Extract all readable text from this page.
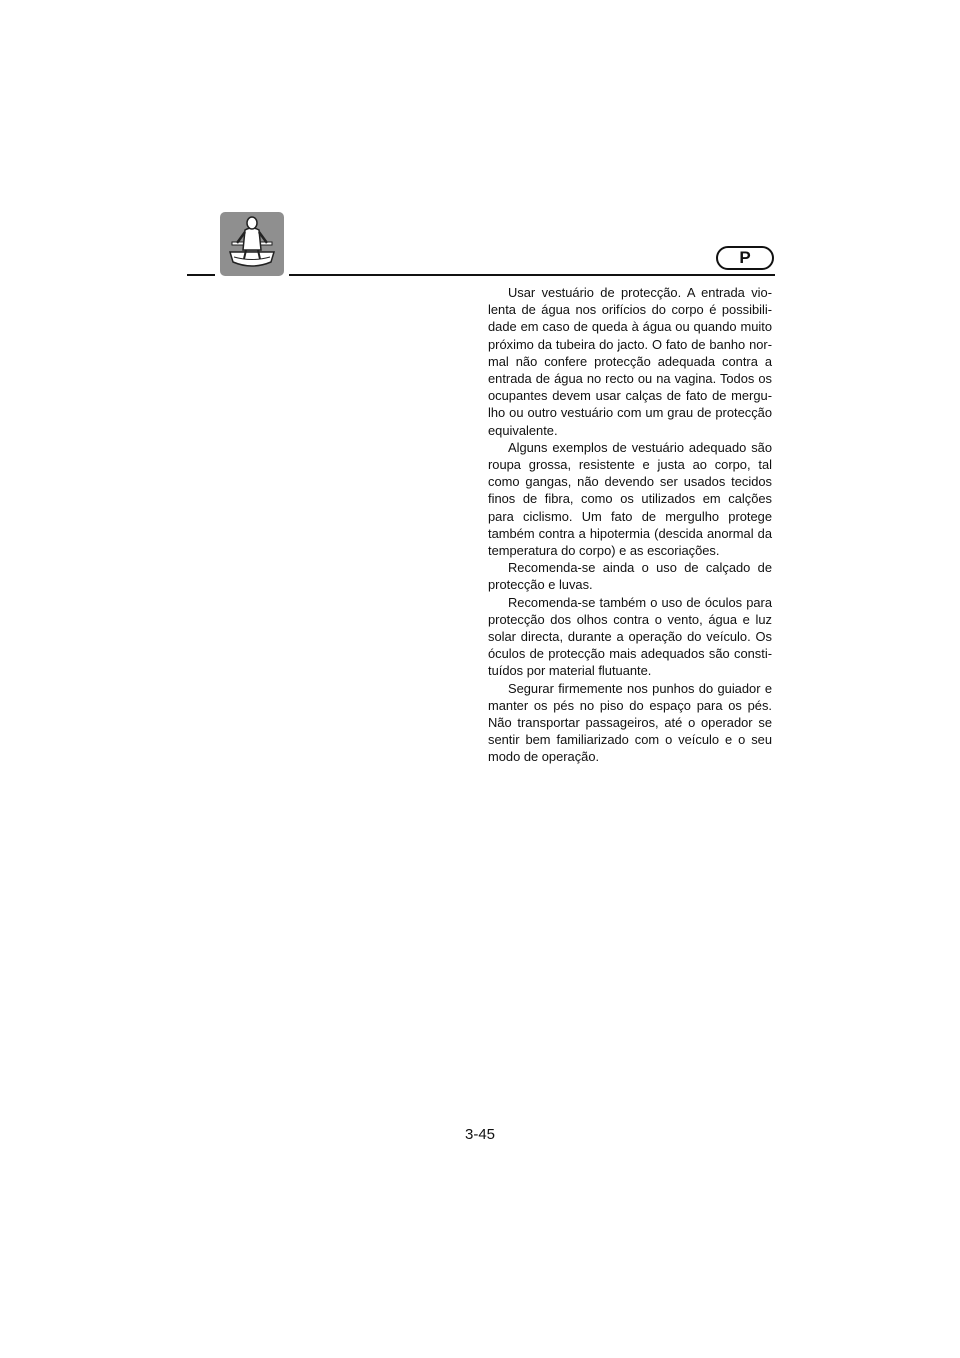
P

Usar vestuário de protecção. A entrada violenta de água nos orifícios do corpo é possibilidade em caso de queda à água ou quando muito próximo da tubeira do jacto. O fato de banho normal não confere protecção adequada contra a entrada de água no recto ou na vagina. Todos os ocupantes devem usar calças de fato de mergulho ou outro vestuário com um grau de protecção equivalente.

Alguns exemplos de vestuário adequado são roupa grossa, resistente e justa ao corpo, tal como gangas, não devendo ser usados tecidos finos de fibra, como os utilizados em calções para ciclismo. Um fato de mergulho protege também contra a hipotermia (descida anormal da temperatura do corpo) e as escoriações.

Recomenda-se ainda o uso de calçado de protecção e luvas.

Recomenda-se também o uso de óculos para protecção dos olhos contra o vento, água e luz solar directa, durante a operação do veículo. Os óculos de protecção mais adequados são constituídos por material flutuante.

Segurar firmemente nos punhos do guiador e manter os pés no piso do espaço para os pés. Não transportar passageiros, até o operador se sentir bem familiarizado com o veículo e o seu modo de operação.

3-45
